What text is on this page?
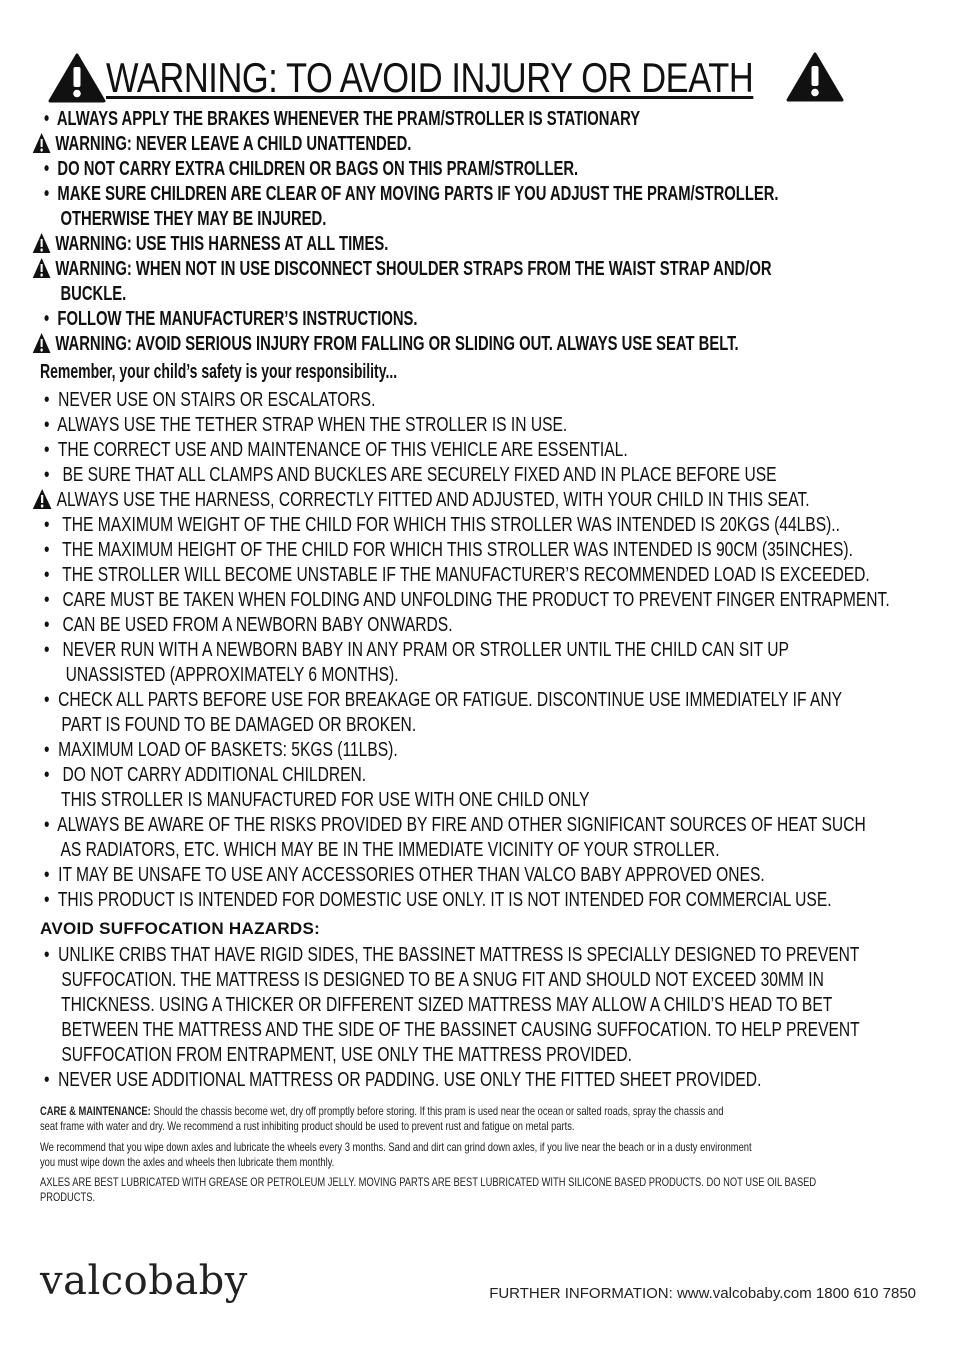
WARNING: TO AVOID INJURY OR DEATH
•  ALWAYS APPLY THE BRAKES WHENEVER THE PRAM/STROLLER IS STATIONARY
WARNING: NEVER LEAVE A CHILD UNATTENDED.
•  DO NOT CARRY EXTRA CHILDREN OR BAGS ON THIS PRAM/STROLLER.
•  MAKE SURE CHILDREN ARE CLEAR OF ANY MOVING PARTS IF YOU ADJUST THE PRAM/STROLLER.
OTHERWISE THEY MAY BE INJURED.
WARNING: USE THIS HARNESS AT ALL TIMES.
WARNING: WHEN NOT IN USE DISCONNECT SHOULDER STRAPS FROM THE WAIST STRAP AND/OR
BUCKLE.
•  FOLLOW THE MANUFACTURER’S INSTRUCTIONS.
WARNING: AVOID SERIOUS INJURY FROM FALLING OR SLIDING OUT. ALWAYS USE SEAT BELT.
Remember, your child’s safety is your responsibility...
•  NEVER USE ON STAIRS OR ESCALATORS.
•  ALWAYS USE THE TETHER STRAP WHEN THE STROLLER IS IN USE.
•  THE CORRECT USE AND MAINTENANCE OF THIS VEHICLE ARE ESSENTIAL.
•   BE SURE THAT ALL CLAMPS AND BUCKLES ARE SECURELY FIXED AND IN PLACE BEFORE USE
ALWAYS USE THE HARNESS, CORRECTLY FITTED AND ADJUSTED, WITH YOUR CHILD IN THIS SEAT.
•   THE MAXIMUM WEIGHT OF THE CHILD FOR WHICH THIS STROLLER WAS INTENDED IS 20KGS (44LBS)..
•   THE MAXIMUM HEIGHT OF THE CHILD FOR WHICH THIS STROLLER WAS INTENDED IS 90CM (35INCHES).
•   THE STROLLER WILL BECOME UNSTABLE IF THE MANUFACTURER’S RECOMMENDED LOAD IS EXCEEDED.
•   CARE MUST BE TAKEN WHEN FOLDING AND UNFOLDING THE PRODUCT TO PREVENT FINGER ENTRAPMENT.
•   CAN BE USED FROM A NEWBORN BABY ONWARDS.
•   NEVER RUN WITH A NEWBORN BABY IN ANY PRAM OR STROLLER UNTIL THE CHILD CAN SIT UP
UNASSISTED (APPROXIMATELY 6 MONTHS).
•  CHECK ALL PARTS BEFORE USE FOR BREAKAGE OR FATIGUE. DISCONTINUE USE IMMEDIATELY IF ANY
PART IS FOUND TO BE DAMAGED OR BROKEN.
•  MAXIMUM LOAD OF BASKETS: 5KGS (11LBS).
•   DO NOT CARRY ADDITIONAL CHILDREN.
THIS STROLLER IS MANUFACTURED FOR USE WITH ONE CHILD ONLY
•  ALWAYS BE AWARE OF THE RISKS PROVIDED BY FIRE AND OTHER SIGNIFICANT SOURCES OF HEAT SUCH
AS RADIATORS, ETC. WHICH MAY BE IN THE IMMEDIATE VICINITY OF YOUR STROLLER.
•  IT MAY BE UNSAFE TO USE ANY ACCESSORIES OTHER THAN VALCO BABY APPROVED ONES.
•  THIS PRODUCT IS INTENDED FOR DOMESTIC USE ONLY. IT IS NOT INTENDED FOR COMMERCIAL USE.
AVOID SUFFOCATION HAZARDS:
•  UNLIKE CRIBS THAT HAVE RIGID SIDES, THE BASSINET MATTRESS IS SPECIALLY DESIGNED TO PREVENT
SUFFOCATION. THE MATTRESS IS DESIGNED TO BE A SNUG FIT AND SHOULD NOT EXCEED 30MM IN
THICKNESS. USING A THICKER OR DIFFERENT SIZED MATTRESS MAY ALLOW A CHILD’S HEAD TO BET
BETWEEN THE MATTRESS AND THE SIDE OF THE BASSINET CAUSING SUFFOCATION. TO HELP PREVENT
SUFFOCATION FROM ENTRAPMENT, USE ONLY THE MATTRESS PROVIDED.
•  NEVER USE ADDITIONAL MATTRESS OR PADDING. USE ONLY THE FITTED SHEET PROVIDED.
CARE & MAINTENANCE: Should the chassis become wet, dry off promptly before storing. If this pram is used near the ocean or salted roads, spray the chassis and
seat frame with water and dry. We recommend a rust inhibiting product should be used to prevent rust and fatigue on metal parts.
We recommend that you wipe down axles and lubricate the wheels every 3 months. Sand and dirt can grind down axles, if you live near the beach or in a dusty environment
you must wipe down the axles and wheels then lubricate them monthly.
AXLES ARE BEST LUBRICATED WITH GREASE OR PETROLEUM JELLY. MOVING PARTS ARE BEST LUBRICATED WITH SILICONE BASED PRODUCTS. DO NOT USE OIL BASED
PRODUCTS.
valcobaby	FURTHER INFORMATION: www.valcobaby.com 1800 610 7850
